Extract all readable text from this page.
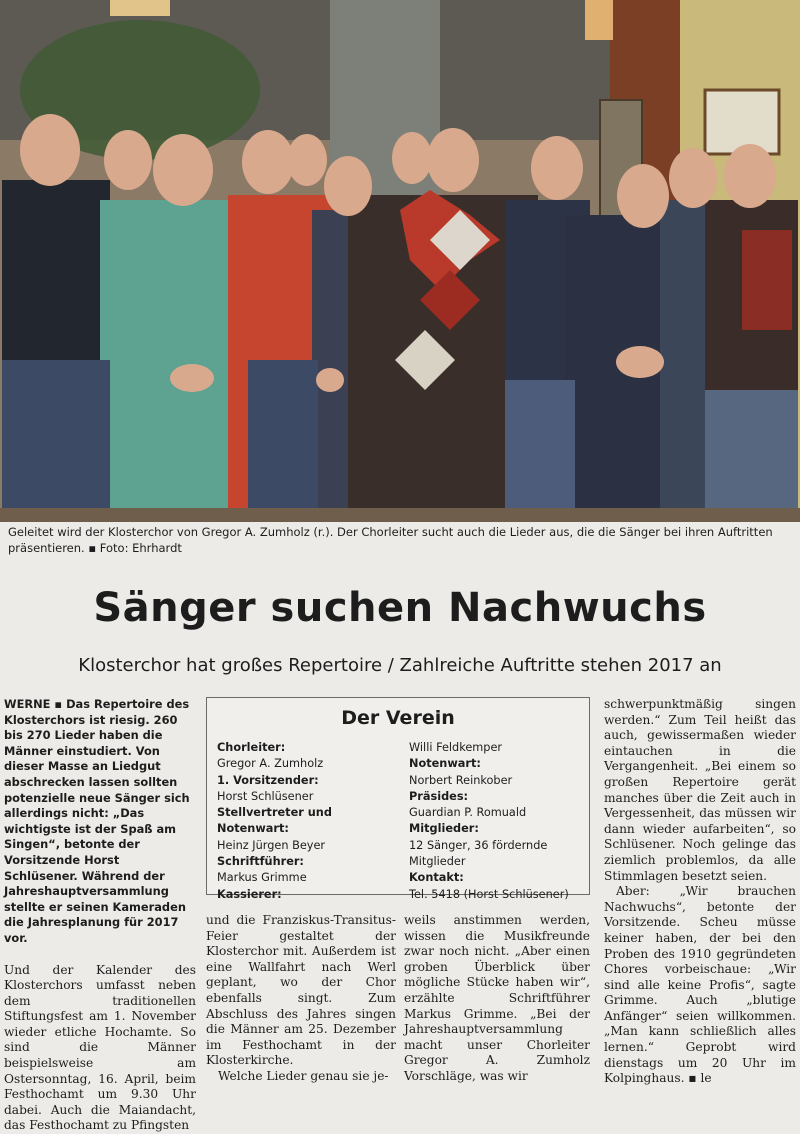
Geleitet wird der Klosterchor von Gregor A. Zumholz (r.). Der Chorleiter sucht auch die Lieder aus, die die Sänger bei ihren Auftritten präsentieren. ▪ Foto: Ehrhardt
Sänger suchen Nachwuchs
Klosterchor hat großes Repertoire / Zahlreiche Auftritte stehen 2017 an

WERNE ▪ Das Repertoire des Klosterchors ist riesig. 260 bis 270 Lieder haben die Männer einstudiert. Von dieser Masse an Liedgut abschrecken lassen sollten potenzielle neue Sänger sich allerdings nicht: „Das wichtigste ist der Spaß am Singen“, betonte der Vorsitzende Horst Schlüsener. Während der Jahreshauptversammlung stellte er seinen Kameraden die Jahresplanung für 2017 vor.

Und der Kalender des Klosterchors umfasst neben dem traditionellen Stiftungsfest am 1. November wieder etliche Hochamte. So sind die Männer beispielsweise am Ostersonntag, 16. April, beim Festhochamt um 9.30 Uhr dabei. Auch die Maiandacht, das Festhochamt zu Pfingsten

Der Verein
Chorleiter:
Gregor A. Zumholz
1. Vorsitzender:
Horst Schlüsener
Stellvertreter und Notenwart:
Heinz Jürgen Beyer
Schriftführer:
Markus Grimme
Kassierer:
Willi Feldkemper
Notenwart:
Norbert Reinkober
Präsides:
Guardian P. Romuald
Mitglieder:
12 Sänger, 36 fördernde Mitglieder
Kontakt:
Tel. 5418 (Horst Schlüsener)

und die Franziskus-Transitus-Feier gestaltet der Klosterchor mit. Außerdem ist eine Wallfahrt nach Werl geplant, wo der Chor ebenfalls singt. Zum Abschluss des Jahres singen die Männer am 25. Dezember im Festhochamt in der Klosterkirche.

Welche Lieder genau sie je-

weils anstimmen werden, wissen die Musikfreunde zwar noch nicht. „Aber einen groben Überblick über mögliche Stücke haben wir“, erzählte Schriftführer Markus Grimme. „Bei der Jahreshauptversammlung macht unser Chorleiter Gregor A. Zumholz Vorschläge, was wir

schwerpunktmäßig singen werden.“ Zum Teil heißt das auch, gewissermaßen wieder eintauchen in die Vergangenheit. „Bei einem so großen Repertoire gerät manches über die Zeit auch in Vergessenheit, das müssen wir dann wieder aufarbeiten“, so Schlüsener. Noch gelinge das ziemlich problemlos, da alle Stimmlagen besetzt seien.

Aber: „Wir brauchen Nachwuchs“, betonte der Vorsitzende. Scheu müsse keiner haben, der bei den Proben des 1910 gegründeten Chores vorbeischaue: „Wir sind alle keine Profis“, sagte Grimme. Auch „blutige Anfänger“ seien willkommen. „Man kann schließlich alles lernen.“ Geprobt wird dienstags um 20 Uhr im Kolpinghaus. ▪ le
